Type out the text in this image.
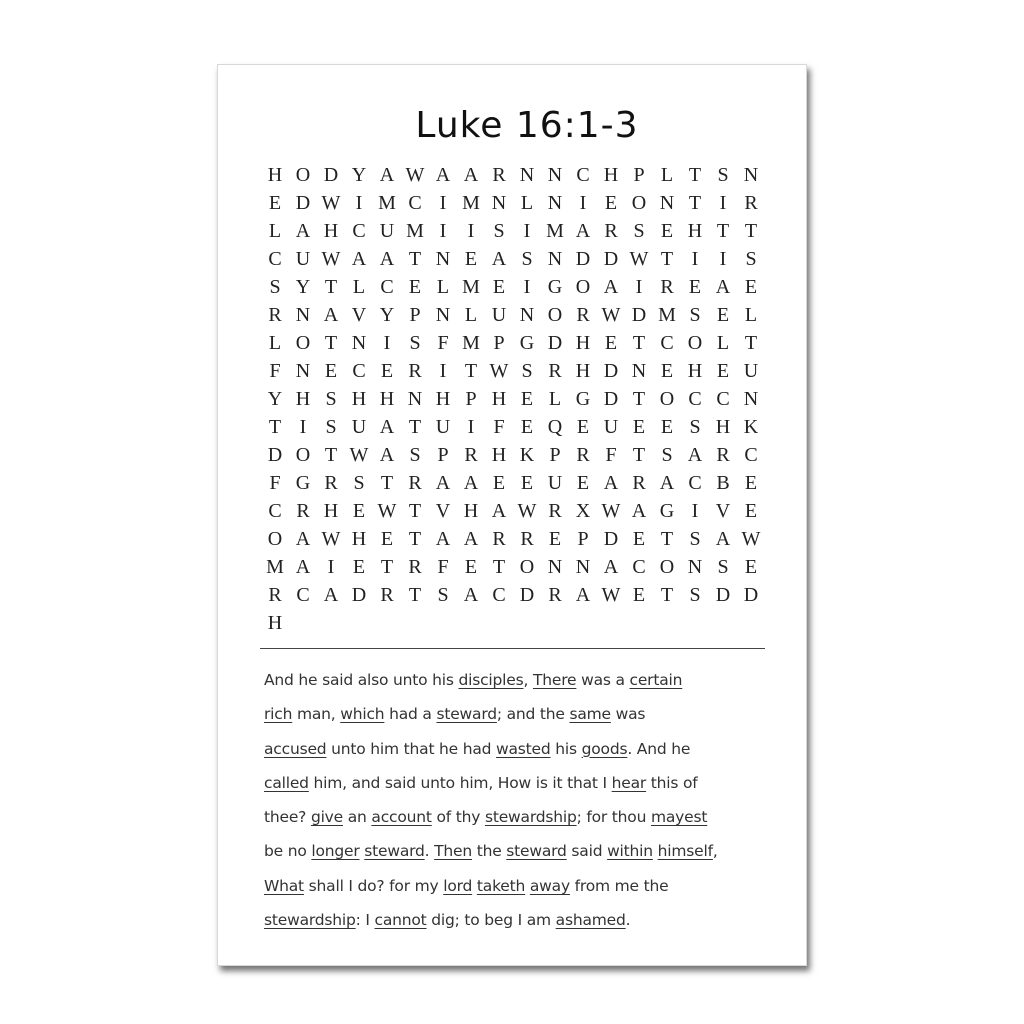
Luke 16:1-3
H O D Y A W A A R N N C H P L T S N
E D W I M C I M N L N I E O N T I R
L A H C U M I	I S I M A R S E H T T
C U W A A T N E A S N D D W T I	I S
S Y T L C E L M E I G O A I R E A E
R N A V Y P N L U N O R W D M S E L
L O T N I S F M P G D H E T C O L T
F N E C E R I T W S R H D N E H E U
Y H S H H N H P H E L G D T O C C N
T I S U A T U I F E Q E U E E S H K
D O T W A S P R H K P R F T S A R C
F G R S T R A A E E U E A R A C B E
C R H E W T V H A W R X W A G I V E
O A W H E T A A R R E P D E T S A W
M A I E T R F E T O N N A C O N S E
R C A D R T S A C D R A W E T S D D
H
And he said also unto his disciples, There was a certain
rich man, which had a steward; and the same was
accused unto him that he had wasted his goods. And he
called him, and said unto him, How is it that I hear this of
thee? give an account of thy stewardship; for thou mayest
be no longer steward. Then the steward said within himself,
What shall I do? for my lord taketh away from me the
stewardship: I cannot dig; to beg I am ashamed.
